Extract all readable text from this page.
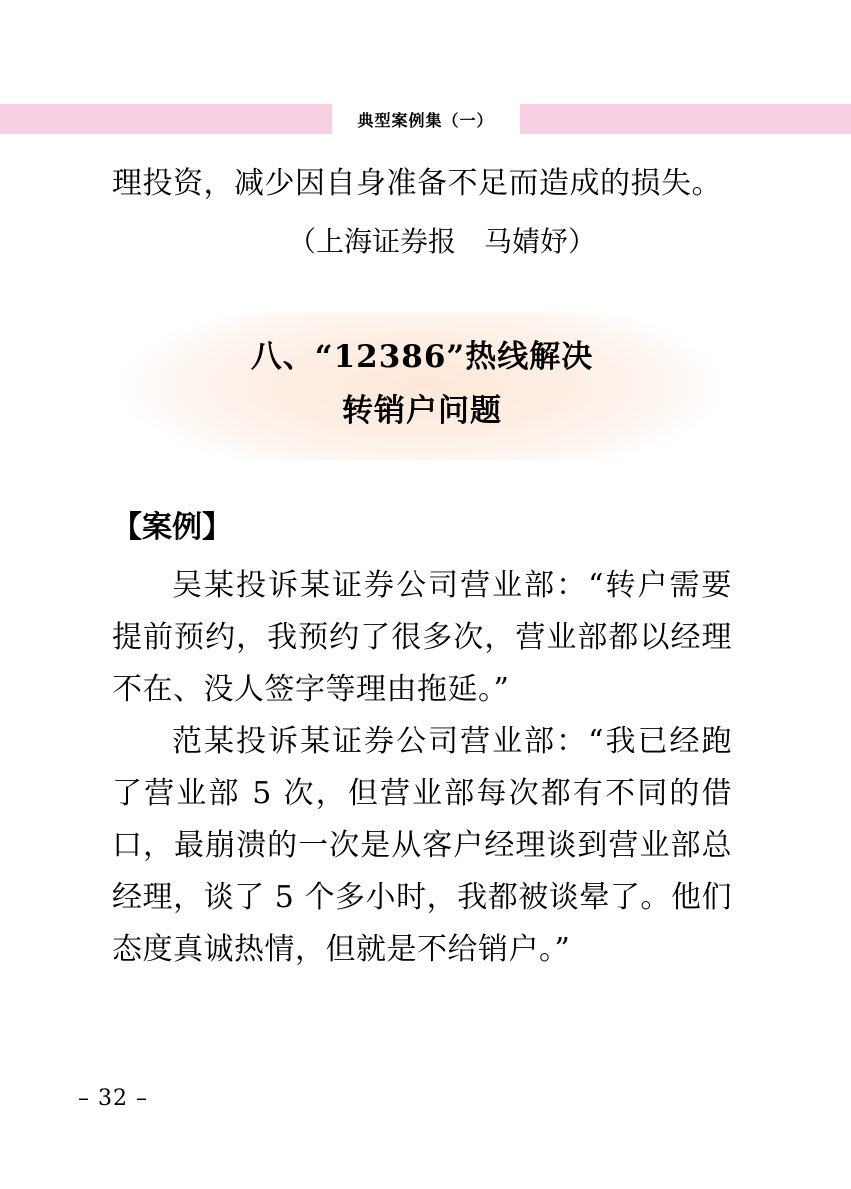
典型案例集（一）

理投资，减少因自身准备不足而造成的损失。

（上海证券报　马婧妤）

八、“12386”热线解决
转销户问题

【案例】

吴某投诉某证券公司营业部：“转户需要提前预约，我预约了很多次，营业部都以经理不在、没人签字等理由拖延。”

范某投诉某证券公司营业部：“我已经跑了营业部 5 次，但营业部每次都有不同的借口，最崩溃的一次是从客户经理谈到营业部总经理，谈了 5 个多小时，我都被谈晕了。他们态度真诚热情，但就是不给销户。”

– 32 –
